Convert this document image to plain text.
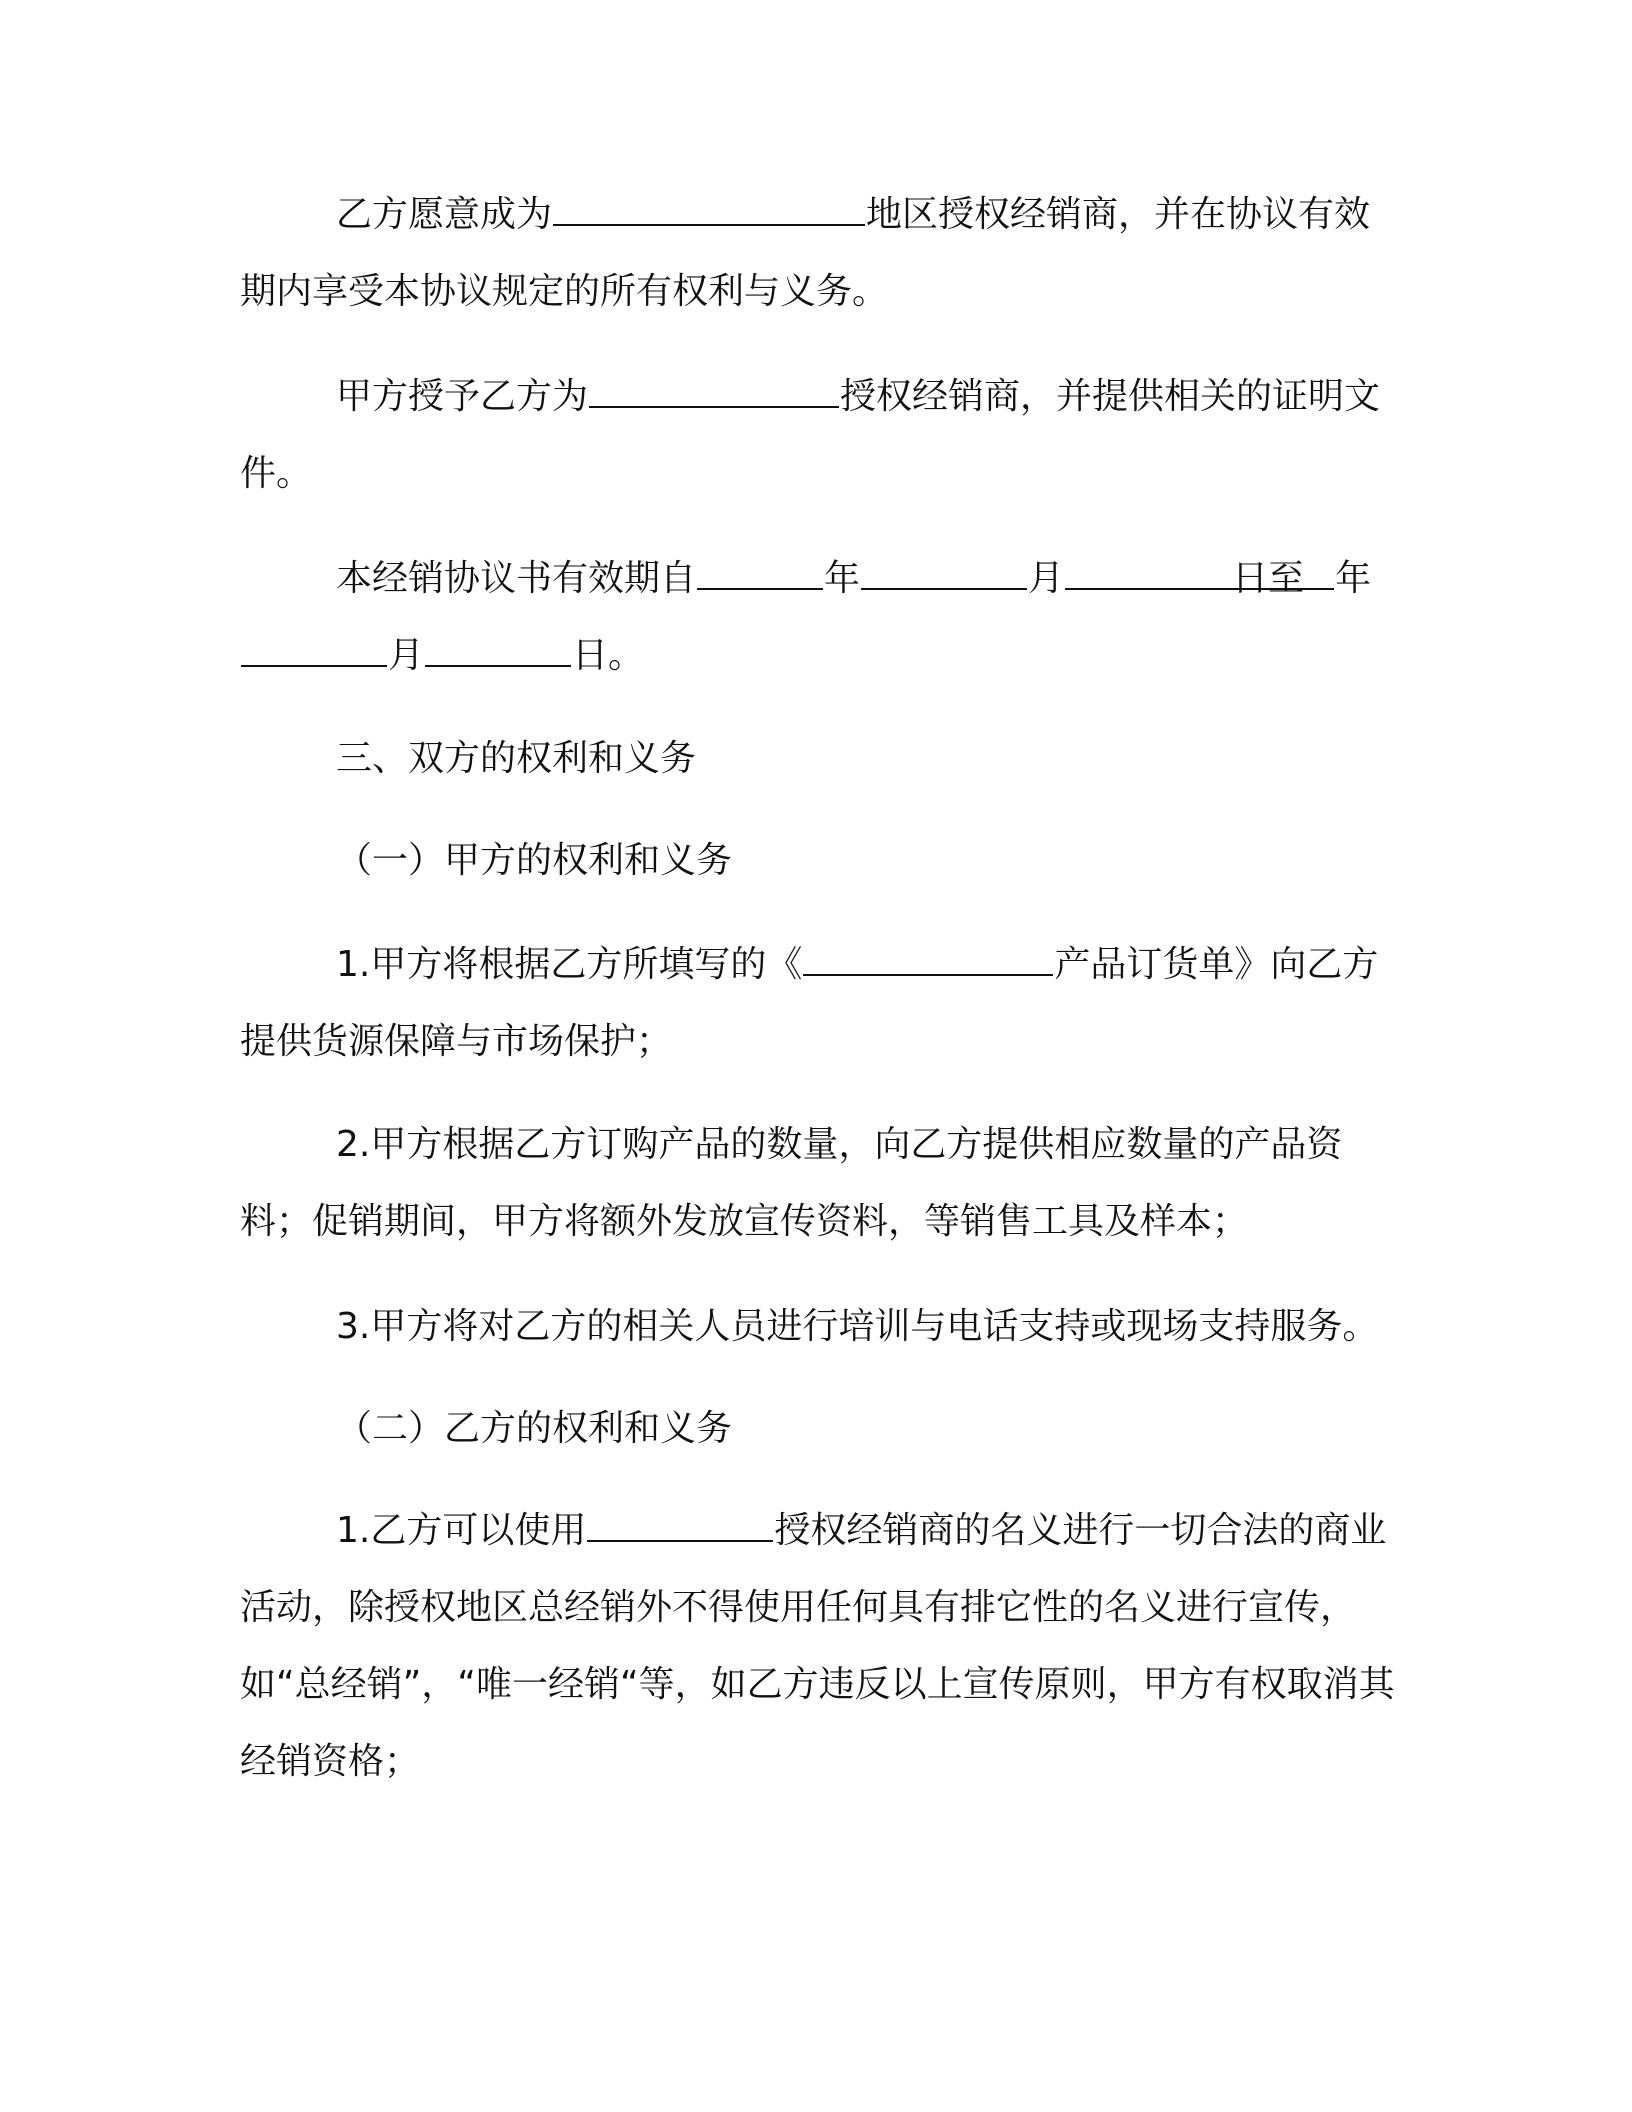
乙方愿意成为	地区授权经销商，并在协议有效期内享受本协议规定的所有权利与义务。

甲方授予乙方为	授权经销商，并提供相关的证明文件。

本经销协议书有效期自	年	月	日至 年月	日。

三、双方的权利和义务

（一）甲方的权利和义务

1.甲方将根据乙方所填写的《	产品订货单》向乙方提供货源保障与市场保护；

2.甲方根据乙方订购产品的数量，向乙方提供相应数量的产品资料；促销期间，甲方将额外发放宣传资料，等销售工具及样本；

3.甲方将对乙方的相关人员进行培训与电话支持或现场支持服务。

（二）乙方的权利和义务

1.乙方可以使用	授权经销商的名义进行一切合法的商业活动，除授权地区总经销外不得使用任何具有排它性的名义进行宣传，如“总经销”，“唯一经销“等，如乙方违反以上宣传原则，甲方有权取消其经销资格；
